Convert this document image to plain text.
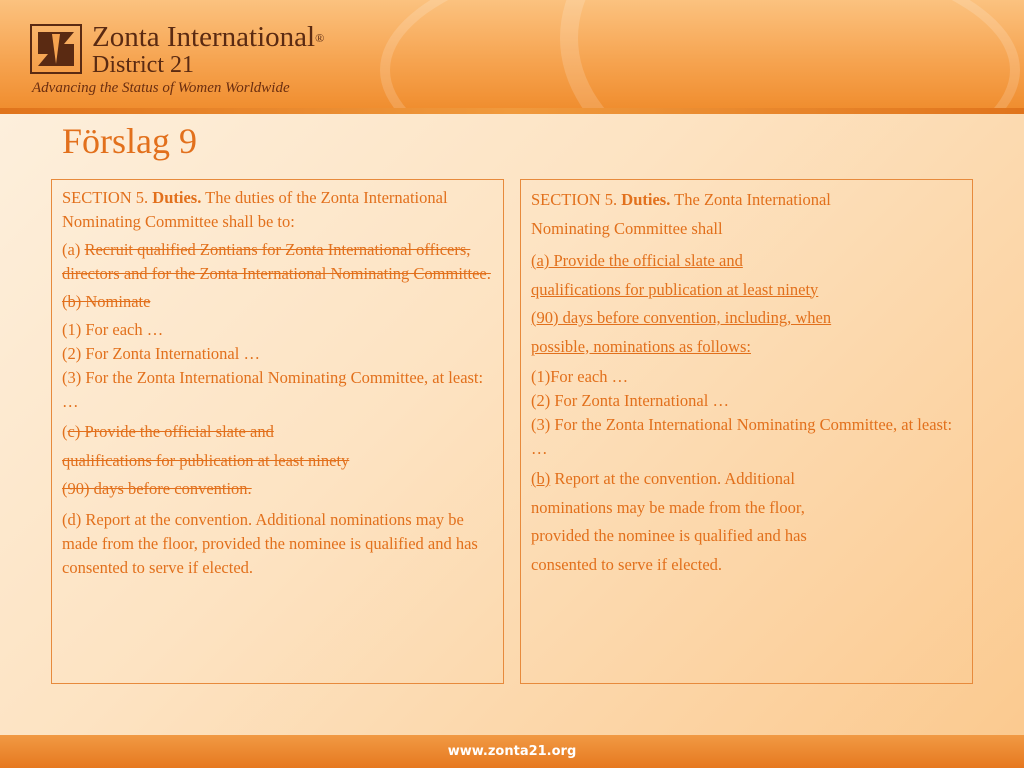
Zonta International®
District 21
Advancing the Status of Women Worldwide
Förslag 9

SECTION 5. Duties. The duties of the Zonta International Nominating Committee shall be to:

(a) Recruit qualified Zontians for Zonta International officers, directors and for the Zonta International Nominating Committee.

(b) Nominate

(1) For each …
(2) For Zonta International …
(3) For the Zonta International Nominating Committee, at least: …

(c) Provide the official slate and
qualifications for publication at least ninety
(90) days before convention.

(d) Report at the convention. Additional nominations may be made from the floor, provided the nominee is qualified and has consented to serve if elected.

SECTION 5. Duties. The Zonta International
Nominating Committee shall

(a) Provide the official slate and
qualifications for publication at least ninety
(90) days before convention, including, when
possible, nominations as follows:

(1)For each …
(2) For Zonta International …
(3) For the Zonta International Nominating Committee, at least: …

(b) Report at the convention. Additional
nominations may be made from the floor,
provided the nominee is qualified and has
consented to serve if elected.

www.zonta21.org
